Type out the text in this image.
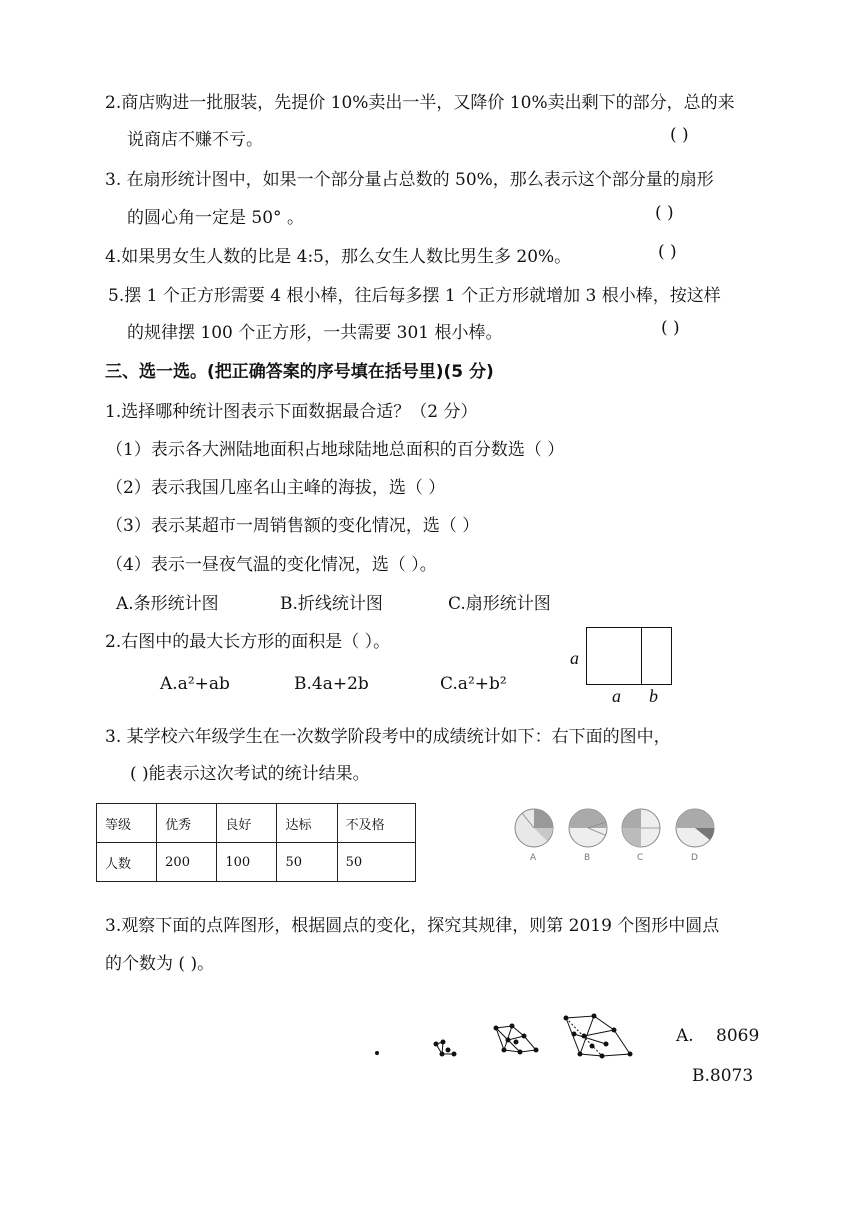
2.商店购进一批服装，先提价 10%卖出一半，又降价 10%卖出剩下的部分，总的来
说商店不赚不亏。	( )
3. 在扇形统计图中，如果一个部分量占总数的 50%，那么表示这个部分量的扇形
的圆心角一定是 50° 。	( )
4.如果男女生人数的比是 4:5，那么女生人数比男生多 20%。	( )
5.摆 1 个正方形需要 4 根小棒，往后每多摆 1 个正方形就增加 3 根小棒，按这样
的规律摆 100 个正方形，一共需要 301 根小棒。	( )
三、选一选。(把正确答案的序号填在括号里)(5 分)
1.选择哪种统计图表示下面数据最合适？（2 分）
（1）表示各大洲陆地面积占地球陆地总面积的百分数选（ ）
（2）表示我国几座名山主峰的海拔，选（ ）
（3）表示某超市一周销售额的变化情况，选（ ）
（4）表示一昼夜气温的变化情况，选（ ）。
A.条形统计图	B.折线统计图	C.扇形统计图
2.右图中的最大长方形的面积是（ ）。
A.a²+ab	B.4a+2b	C.a²+b²
a
a b
3. 某学校六年级学生在一次数学阶段考中的成绩统计如下：右下面的图中，
( )能表示这次考试的统计结果。
等级	优秀	良好	达标	不及格
人数	200	100	50	50	A	B	C	D
3.观察下面的点阵图形，根据圆点的变化，探究其规律，则第 2019 个图形中圆点
的个数为 ( )。
A. 8069
B.8073
